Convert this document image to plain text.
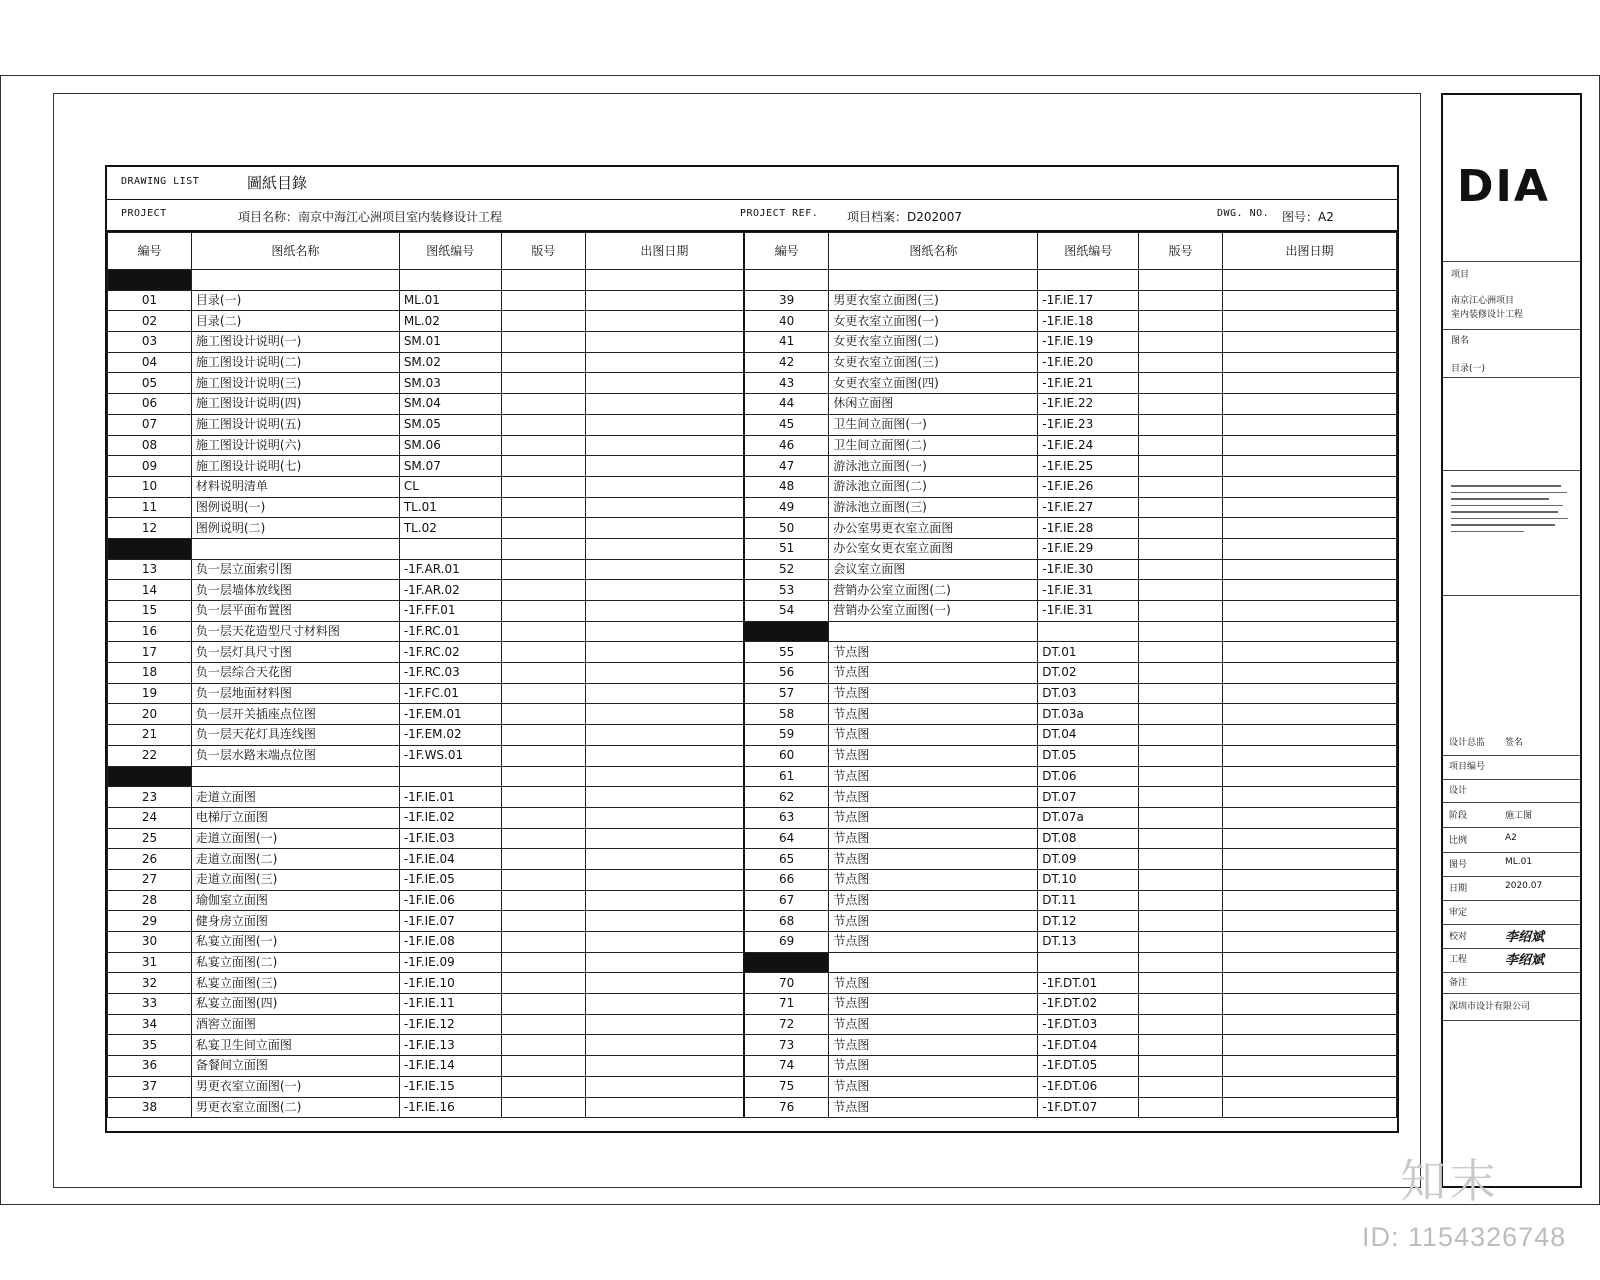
DRAWING LIST	圖紙目錄
PROJECT	項目名称：南京中海江心洲项目室内装修设计工程	PROJECT REF. 项目档案：D202007	DWG. NO. 图号：A2
編号	图纸名称	图纸编号	版号	出图日期	編号	图纸名称	图纸编号	版号	出图日期

01	目录(一)	ML.01			39	男更衣室立面图(三)	-1F.IE.17		
02	目录(二)	ML.02			40	女更衣室立面图(一)	-1F.IE.18		
03	施工图设计说明(一)	SM.01			41	女更衣室立面图(二)	-1F.IE.19		
04	施工图设计说明(二)	SM.02			42	女更衣室立面图(三)	-1F.IE.20		
05	施工图设计说明(三)	SM.03			43	女更衣室立面图(四)	-1F.IE.21		
06	施工图设计说明(四)	SM.04			44	休闲立面图	-1F.IE.22		
07	施工图设计说明(五)	SM.05			45	卫生间立面图(一)	-1F.IE.23		
08	施工图设计说明(六)	SM.06			46	卫生间立面图(二)	-1F.IE.24		
09	施工图设计说明(七)	SM.07			47	游泳池立面图(一)	-1F.IE.25		
10	材料说明清单	CL			48	游泳池立面图(二)	-1F.IE.26		
11	图例说明(一)	TL.01			49	游泳池立面图(三)	-1F.IE.27		
12	图例说明(二)	TL.02			50	办公室男更衣室立面图	-1F.IE.28		
					51	办公室女更衣室立面图	-1F.IE.29		
13	负一层立面索引图	-1F.AR.01			52	会议室立面图	-1F.IE.30		
14	负一层墙体放线图	-1F.AR.02			53	营销办公室立面图(二)	-1F.IE.31		
15	负一层平面布置图	-1F.FF.01			54	营销办公室立面图(一)	-1F.IE.31		
16	负一层天花造型尺寸材料图	-1F.RC.01							
17	负一层灯具尺寸图	-1F.RC.02			55	节点图	DT.01		
18	负一层综合天花图	-1F.RC.03			56	节点图	DT.02		
19	负一层地面材料图	-1F.FC.01			57	节点图	DT.03		
20	负一层开关插座点位图	-1F.EM.01			58	节点图	DT.03a		
21	负一层天花灯具连线图	-1F.EM.02			59	节点图	DT.04		
22	负一层水路末端点位图	-1F.WS.01			60	节点图	DT.05		
					61	节点图	DT.06		
23	走道立面图	-1F.IE.01			62	节点图	DT.07		
24	电梯厅立面图	-1F.IE.02			63	节点图	DT.07a		
25	走道立面图(一)	-1F.IE.03			64	节点图	DT.08		
26	走道立面图(二)	-1F.IE.04			65	节点图	DT.09		
27	走道立面图(三)	-1F.IE.05			66	节点图	DT.10		
28	瑜伽室立面图	-1F.IE.06			67	节点图	DT.11		
29	健身房立面图	-1F.IE.07			68	节点图	DT.12		
30	私宴立面图(一)	-1F.IE.08			69	节点图	DT.13		
31	私宴立面图(二)	-1F.IE.09							
32	私宴立面图(三)	-1F.IE.10			70	节点图	-1F.DT.01		
33	私宴立面图(四)	-1F.IE.11			71	节点图	-1F.DT.02		
34	酒窖立面图	-1F.IE.12			72	节点图	-1F.DT.03		
35	私宴卫生间立面图	-1F.IE.13			73	节点图	-1F.DT.04		
36	备餐间立面图	-1F.IE.14			74	节点图	-1F.DT.05		
37	男更衣室立面图(一)	-1F.IE.15			75	节点图	-1F.DT.06		
38	男更衣室立面图(二)	-1F.IE.16			76	节点图	-1F.DT.07		
DIA
项目
南京江心洲项目
室内装修设计工程
图名
目录(一)
设计总监 签名
项目编号
设计
阶段	施工图
比例	A2
图号	ML.01
日期	2020.07
审定
校对	李绍斌
工程	李绍斌
备注
深圳市设计有限公司
知末
ID: 1154326748
